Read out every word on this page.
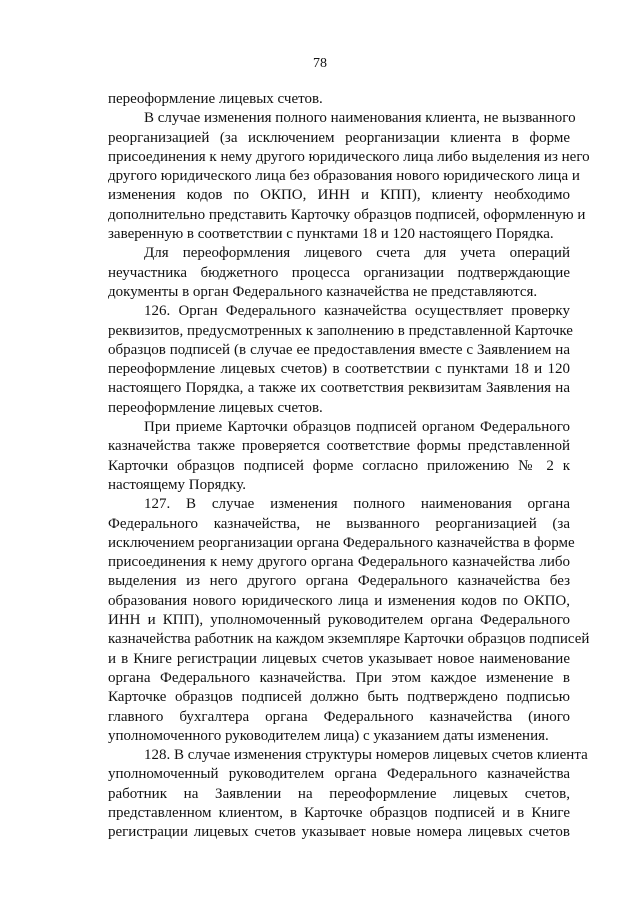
78
переоформление лицевых счетов.
В случае изменения полного наименования клиента, не вызванного
реорганизацией (за исключением реорганизации клиента в форме
присоединения к нему другого юридического лица либо выделения из него
другого юридического лица без образования нового юридического лица и
изменения кодов по ОКПО, ИНН и КПП), клиенту необходимо
дополнительно представить Карточку образцов подписей, оформленную и
заверенную в соответствии с пунктами 18 и 120 настоящего Порядка.
Для переоформления лицевого счета для учета операций
неучастника бюджетного процесса организации подтверждающие
документы в орган Федерального казначейства не представляются.
126. Орган Федерального казначейства осуществляет проверку
реквизитов, предусмотренных к заполнению в представленной Карточке
образцов подписей (в случае ее предоставления вместе с Заявлением на
переоформление лицевых счетов) в соответствии с пунктами 18 и 120
настоящего Порядка, а также их соответствия реквизитам Заявления на
переоформление лицевых счетов.
При приеме Карточки образцов подписей органом Федерального
казначейства также проверяется соответствие формы представленной
Карточки образцов подписей форме согласно приложению № 2 к
настоящему Порядку.
127. В случае изменения полного наименования органа
Федерального казначейства, не вызванного реорганизацией (за
исключением реорганизации органа Федерального казначейства в форме
присоединения к нему другого органа Федерального казначейства либо
выделения из него другого органа Федерального казначейства без
образования нового юридического лица и изменения кодов по ОКПО,
ИНН и КПП), уполномоченный руководителем органа Федерального
казначейства работник на каждом экземпляре Карточки образцов подписей
и в Книге регистрации лицевых счетов указывает новое наименование
органа Федерального казначейства. При этом каждое изменение в
Карточке образцов подписей должно быть подтверждено подписью
главного бухгалтера органа Федерального казначейства (иного
уполномоченного руководителем лица) с указанием даты изменения.
128. В случае изменения структуры номеров лицевых счетов клиента
уполномоченный руководителем органа Федерального казначейства
работник на Заявлении на переоформление лицевых счетов,
представленном клиентом, в Карточке образцов подписей и в Книге
регистрации лицевых счетов указывает новые номера лицевых счетов
